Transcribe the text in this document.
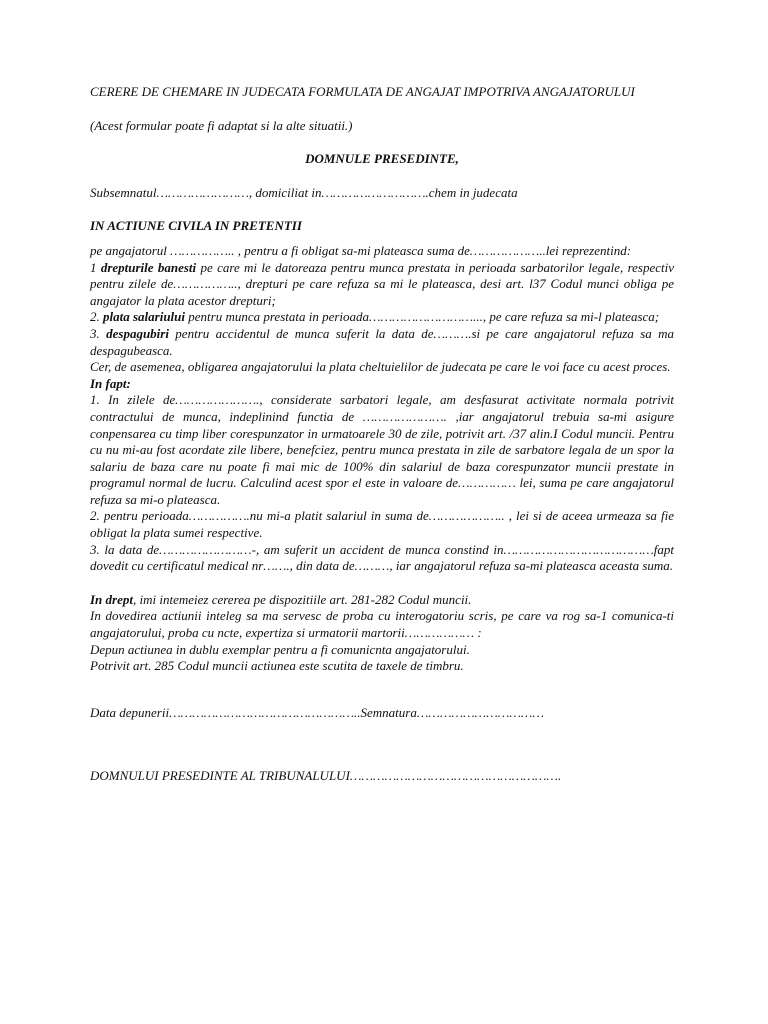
CERERE DE CHEMARE IN JUDECATA FORMULATA DE ANGAJAT IMPOTRIVA ANGAJATORULUI

(Acest formular poate fi adaptat si la alte situatii.)

DOMNULE PRESEDINTE,

Subsemnatul……………………, domiciliat in……………………….chem in judecata

IN ACTIUNE CIVILA IN PRETENTII

pe angajatorul …………….. , pentru a fi obligat sa-mi plateasca suma de………………..lei reprezentind:

1 drepturile banesti pe care mi le datoreaza pentru munca prestata in perioada sarbatorilor legale, respectiv pentru zilele de…………….., drepturi pe care refuza sa mi le plateasca, desi art. l37 Codul munci obliga pe angajator la plata acestor drepturi;

2. plata salariului pentru munca prestata in perioada………………………..., pe care refuza sa mi-l plateasca;

3. despagubiri pentru accidentul de munca suferit la data de……….si pe care angajatorul refuza sa ma despagubeasca.

Cer, de asemenea, obligarea angajatorului la plata cheltuielilor de judecata pe care le voi face cu acest proces.

In fapt:

1. In zilele de…………………., considerate sarbatori legale, am desfasurat activitate normala potrivit contractului de munca, indeplinind functia de …………………. ,iar angajatorul trebuia sa-mi asigure conpensarea cu timp liber corespunzator in urmatoarele 30 de zile, potrivit art. /37 alin.I Codul muncii. Pentru cu nu mi-au fost acordate zile libere, benefciez, pentru munca prestata in zile de sarbatore legala de un spor la salariu de baza care nu poate fi mai mic de 100% din salariul de baza corespunzator muncii prestate in programul normal de lucru. Calculind acest spor el este in valoare de…………… lei, suma pe care angajatorul refuza sa mi-o plateasca.

2. pentru perioada…………….nu mi-a platit salariul in suma de……………….. , lei si de aceea urmeaza sa fie obligat la plata sumei respective.

3. la data de……………………-, am suferit un accident de munca constind in…………………………………fapt dovedit cu certificatul medical nr……., din data de………, iar angajatorul refuza sa-mi plateasca aceasta suma.

In drept, imi intemeiez cererea pe dispozitiile art. 281-282 Codul muncii.

In dovedirea actiunii inteleg sa ma servesc de proba cu interogatoriu scris, pe care va rog sa-1 comunica-ti angajatorului, proba cu ncte, expertiza si urmatorii martorii……………… :

Depun actiunea in dublu exemplar pentru a fi comunicnta angajatorului.

Potrivit art. 285 Codul muncii actiunea este scutita de taxele de timbru.

Data depunerii…………………………………………..Semnatura……………………………

DOMNULUI PRESEDINTE AL TRIBUNALULUI……………………………………………….
